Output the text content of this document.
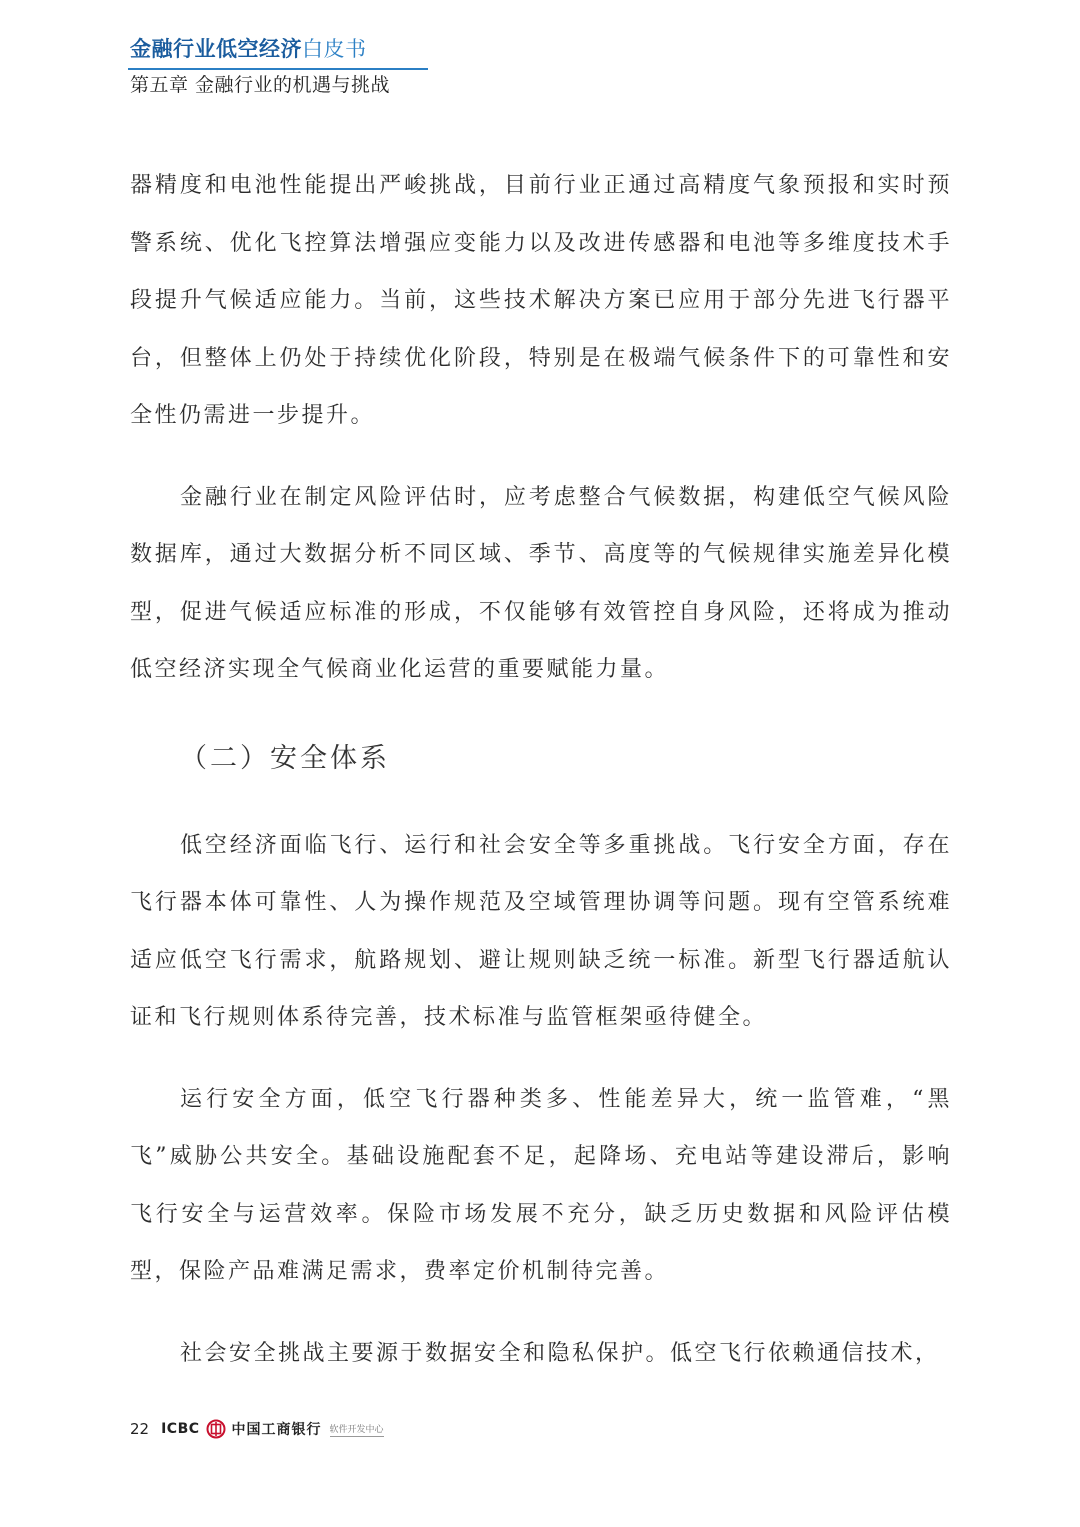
金融行业低空经济白皮书
第五章 金融行业的机遇与挑战

器精度和电池性能提出严峻挑战，目前行业正通过高精度气象预报和实时预警系统、优化飞控算法增强应变能力以及改进传感器和电池等多维度技术手段提升气候适应能力。当前，这些技术解决方案已应用于部分先进飞行器平台，但整体上仍处于持续优化阶段，特别是在极端气候条件下的可靠性和安全性仍需进一步提升。

金融行业在制定风险评估时，应考虑整合气候数据，构建低空气候风险数据库，通过大数据分析不同区域、季节、高度等的气候规律实施差异化模型，促进气候适应标准的形成，不仅能够有效管控自身风险，还将成为推动低空经济实现全气候商业化运营的重要赋能力量。

（二）安全体系

低空经济面临飞行、运行和社会安全等多重挑战。飞行安全方面，存在飞行器本体可靠性、人为操作规范及空域管理协调等问题。现有空管系统难适应低空飞行需求，航路规划、避让规则缺乏统一标准。新型飞行器适航认证和飞行规则体系待完善，技术标准与监管框架亟待健全。

运行安全方面，低空飞行器种类多、性能差异大，统一监管难，“黑飞”威胁公共安全。基础设施配套不足，起降场、充电站等建设滞后，影响飞行安全与运营效率。保险市场发展不充分，缺乏历史数据和风险评估模型，保险产品难满足需求，费率定价机制待完善。

社会安全挑战主要源于数据安全和隐私保护。低空飞行依赖通信技术，

22 ICBC 中国工商银行 软件开发中心
